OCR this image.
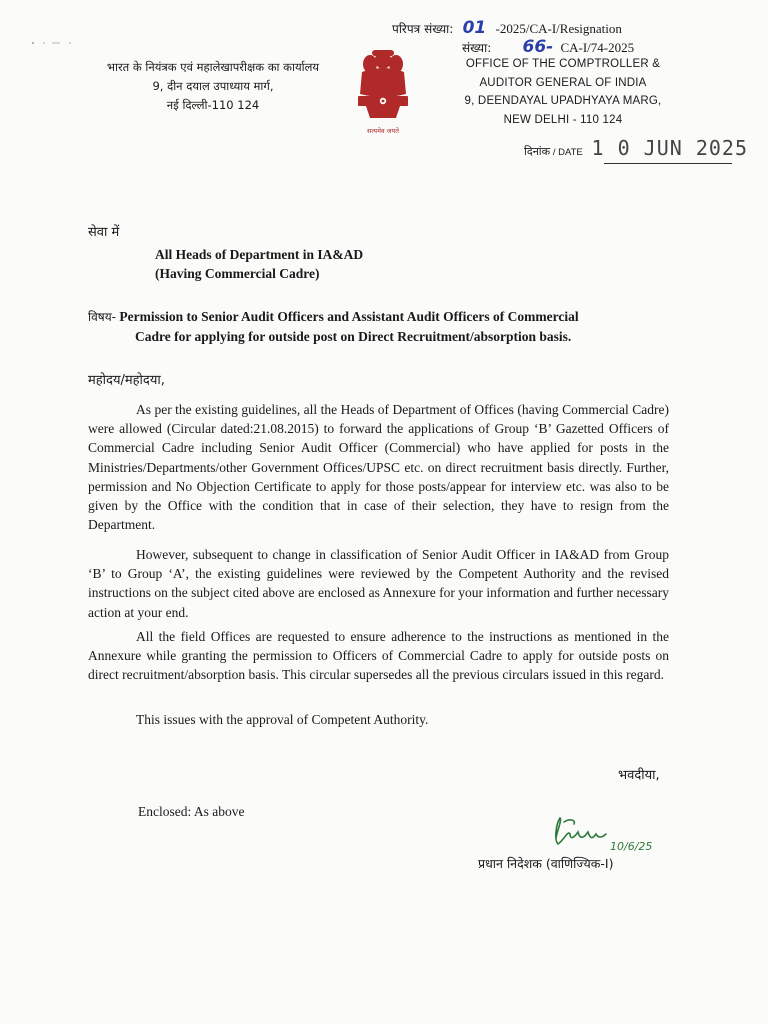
भारत के नियंत्रक एवं महालेखापरीक्षक का कार्यालय
9, दीन दयाल उपाध्याय मार्ग,
नई दिल्ली-110 124
सत्यमेव जयते
परिपत्र संख्या: 01 -2025/CA-I/Resignation
संख्या: 66- CA-I/74-2025
OFFICE OF THE COMPTROLLER &
AUDITOR GENERAL OF INDIA
9, DEENDAYAL UPADHYAYA MARG,
NEW DELHI - 110 124
दिनांक / DATE 1 0 JUN 2025
सेवा में
All Heads of Department in IA&AD
(Having Commercial Cadre)
विषय- Permission to Senior Audit Officers and Assistant Audit Officers of Commercial
Cadre for applying for outside post on Direct Recruitment/absorption basis.
महोदय/महोदया,
As per the existing guidelines, all the Heads of Department of Offices (having Commercial Cadre) were allowed (Circular dated:21.08.2015) to forward the applications of Group ‘B’ Gazetted Officers of Commercial Cadre including Senior Audit Officer (Commercial) who have applied for posts in the Ministries/Departments/other Government Offices/UPSC etc. on direct recruitment basis directly. Further, permission and No Objection Certificate to apply for those posts/appear for interview etc. was also to be given by the Office with the condition that in case of their selection, they have to resign from the Department.
However, subsequent to change in classification of Senior Audit Officer in IA&AD from Group ‘B’ to Group ‘A’, the existing guidelines were reviewed by the Competent Authority and the revised instructions on the subject cited above are enclosed as Annexure for your information and further necessary action at your end.
All the field Offices are requested to ensure adherence to the instructions as mentioned in the Annexure while granting the permission to Officers of Commercial Cadre to apply for outside posts on direct recruitment/absorption basis. This circular supersedes all the previous circulars issued in this regard.
This issues with the approval of Competent Authority.
भवदीया,
Enclosed: As above
10/6/25
प्रधान निदेशक (वाणिज्यिक-I)
